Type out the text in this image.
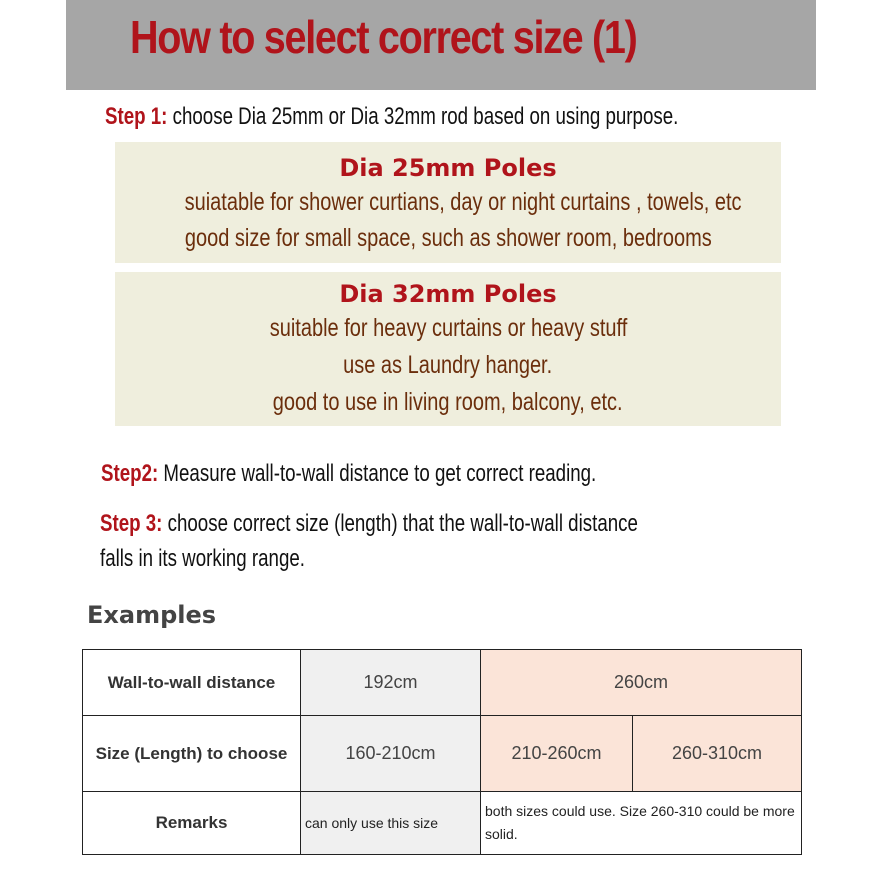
How to select correct size (1)
Step 1: choose Dia 25mm or Dia 32mm rod based on using purpose.
Dia 25mm Poles
suiatable for shower curtians, day or night curtains , towels, etc
good size for small space, such as shower room, bedrooms
Dia 32mm Poles
suitable for heavy curtains or heavy stuff
use as Laundry hanger.
good to use in living room, balcony, etc.
Step2: Measure wall-to-wall distance to get correct reading.
Step 3: choose correct size (length) that the wall-to-wall distance
falls in its working range.
Examples
Wall-to-wall distance	192cm	260cm	
Size (Length) to choose	160-210cm	210-260cm	260-310cm
Remarks	can only use this size	both sizes could use. Size 260-310 could be more solid.	
